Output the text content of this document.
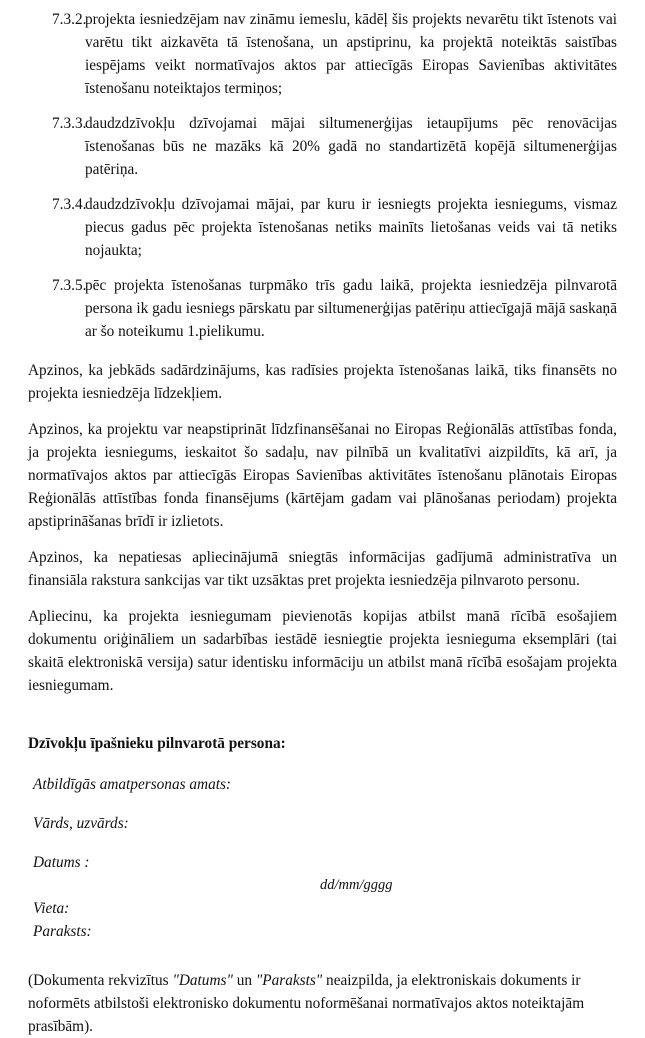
7.3.2.
projekta iesniedzējam nav zināmu iemeslu, kādēļ šis projekts nevarētu tikt īstenots vai varētu tikt aizkavēta tā īstenošana, un apstiprinu, ka projektā noteiktās saistības iespējams veikt normatīvajos aktos par attiecīgās Eiropas Savienības aktivitātes īstenošanu noteiktajos termiņos;
7.3.3.
daudzdzīvokļu dzīvojamai mājai siltumenerģijas ietaupījums pēc renovācijas īstenošanas būs ne mazāks kā 20% gadā no standartizētā kopējā siltumenerģijas patēriņa.
7.3.4.
daudzdzīvokļu dzīvojamai mājai, par kuru ir iesniegts projekta iesniegums, vismaz piecus gadus pēc projekta īstenošanas netiks mainīts lietošanas veids vai tā netiks nojaukta;
7.3.5.
pēc projekta īstenošanas turpmāko trīs gadu laikā, projekta iesniedzēja pilnvarotā persona ik gadu iesniegs pārskatu par siltumenerģijas patēriņu attiecīgajā mājā saskaņā ar šo noteikumu 1.pielikumu.

Apzinos, ka jebkāds sadārdzinājums, kas radīsies projekta īstenošanas laikā, tiks finansēts no projekta iesniedzēja līdzekļiem.

Apzinos, ka projektu var neapstiprināt līdzfinansēšanai no Eiropas Reģionālās attīstības fonda, ja projekta iesniegums, ieskaitot šo sadaļu, nav pilnībā un kvalitatīvi aizpildīts, kā arī, ja normatīvajos aktos par attiecīgās Eiropas Savienības aktivitātes īstenošanu plānotais Eiropas Reģionālās attīstības fonda finansējums (kārtējam gadam vai plānošanas periodam) projekta apstiprināšanas brīdī ir izlietots.

Apzinos, ka nepatiesas apliecinājumā sniegtās informācijas gadījumā administratīva un finansiāla rakstura sankcijas var tikt uzsāktas pret projekta iesniedzēja pilnvaroto personu.

Apliecinu, ka projekta iesniegumam pievienotās kopijas atbilst manā rīcībā esošajiem dokumentu oriģināliem un sadarbības iestādē iesniegtie projekta iesnieguma eksemplāri (tai skaitā elektroniskā versija) satur identisku informāciju un atbilst manā rīcībā esošajam projekta iesniegumam.

Dzīvokļu īpašnieku pilnvarotā persona:

Atbildīgās amatpersonas amats:

Vārds, uzvārds:

Datums :

dd/mm/gggg

Vieta:

Paraksts:

(Dokumenta rekvizītus "Datums" un "Paraksts" neaizpilda, ja elektroniskais dokuments ir noformēts atbilstoši elektronisko dokumentu noformēšanai normatīvajos aktos noteiktajām prasībām).
